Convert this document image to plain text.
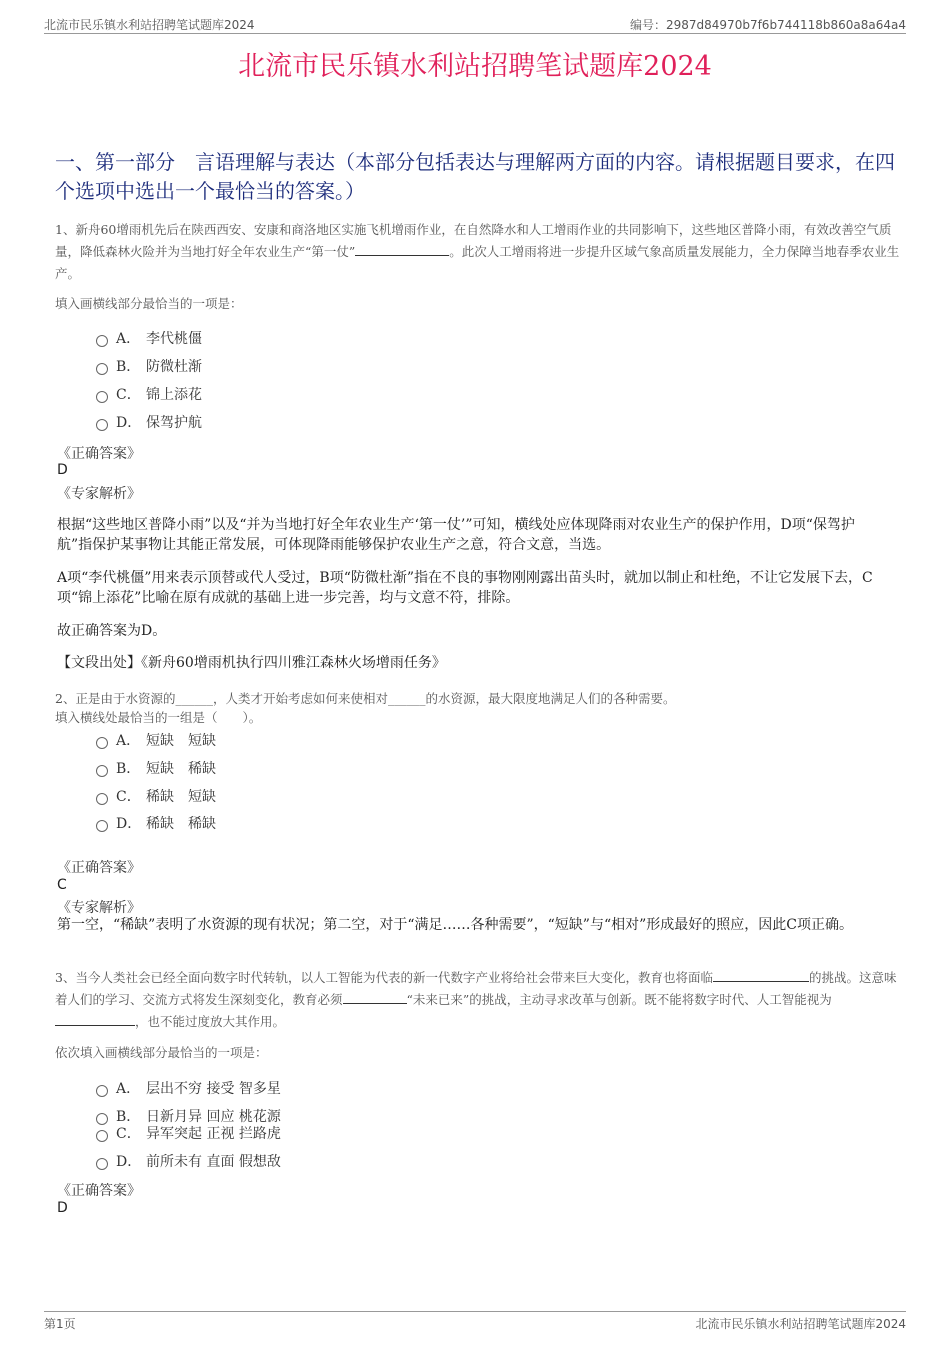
北流市民乐镇水利站招聘笔试题库2024	编号：2987d84970b7f6b744118b860a8a64a4
北流市民乐镇水利站招聘笔试题库2024
一、第一部分　言语理解与表达（本部分包括表达与理解两方面的内容。请根据题目要求，在四个选项中选出一个最恰当的答案。）
1、新舟60增雨机先后在陕西西安、安康和商洛地区实施飞机增雨作业，在自然降水和人工增雨作业的共同影响下，这些地区普降小雨，有效改善空气质量，降低森林火险并为当地打好全年农业生产“第一仗”	。此次人工增雨将进一步提升区域气象高质量发展能力，全力保障当地春季农业生产。
填入画横线部分最恰当的一项是：
A． 李代桃僵
B． 防微杜渐
C． 锦上添花
D． 保驾护航
《正确答案》
D
《专家解析》
根据“这些地区普降小雨”以及“并为当地打好全年农业生产‘第一仗’”可知，横线处应体现降雨对农业生产的保护作用，D项“保驾护航”指保护某事物让其能正常发展，可体现降雨能够保护农业生产之意，符合文意，当选。
A项“李代桃僵”用来表示顶替或代人受过，B项“防微杜渐”指在不良的事物刚刚露出苗头时，就加以制止和杜绝，不让它发展下去，C项“锦上添花”比喻在原有成就的基础上进一步完善，均与文意不符，排除。
故正确答案为D。
【文段出处】《新舟60增雨机执行四川雅江森林火场增雨任务》
2、正是由于水资源的______，人类才开始考虑如何来使相对______的水资源，最大限度地满足人们的各种需要。
填入横线处最恰当的一组是（　　）。
A． 短缺　短缺
B． 短缺　稀缺
C． 稀缺　短缺
D． 稀缺　稀缺
《正确答案》
C
《专家解析》
第一空，“稀缺”表明了水资源的现有状况；第二空，对于“满足……各种需要”，“短缺”与“相对”形成最好的照应，因此C项正确。
3、当今人类社会已经全面向数字时代转轨，以人工智能为代表的新一代数字产业将给社会带来巨大变化，教育也将面临	的挑战。这意味着人们的学习、交流方式将发生深刻变化，教育必须	“未来已来”的挑战，主动寻求改革与创新。既不能将数字时代、人工智能视为，也不能过度放大其作用。
依次填入画横线部分最恰当的一项是：
A． 层出不穷 接受 智多星
B． 日新月异 回应 桃花源
C． 异军突起 正视 拦路虎
D． 前所未有 直面 假想敌
《正确答案》
D
第1页	北流市民乐镇水利站招聘笔试题库2024
